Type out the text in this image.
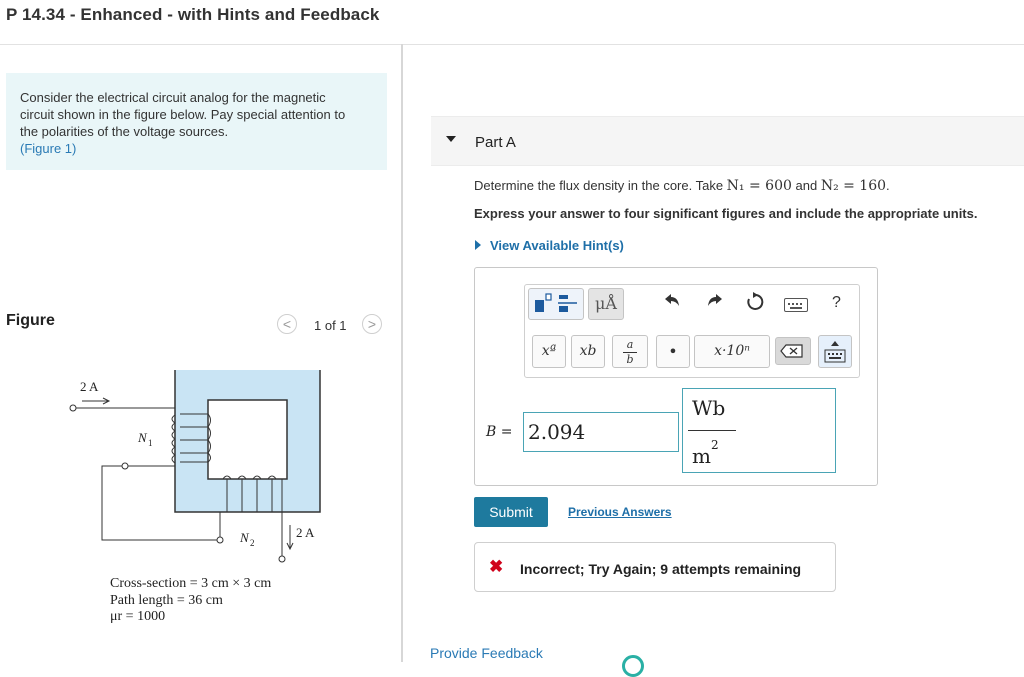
P 14.34 - Enhanced - with Hints and Feedback
Consider the electrical circuit analog for the magnetic
circuit shown in the figure below. Pay special attention to
the polarities of the voltage sources.
(Figure 1)
Figure	<	1 of 1	>
2 A
N 1
N 2
2 A
Cross-section = 3 cm × 3 cm
Path length = 36 cm
μr = 1000
Part A
Determine the flux density in the core. Take N₁ = 600 and N₂ = 160.
Express your answer to four significant figures and include the appropriate units.
View Available Hint(s)
μÅ	?
xª	xb	a
b	•	x·10ⁿ
B = 2.094
Wb
m 2
Submit	Previous Answers
✖ Incorrect; Try Again; 9 attempts remaining
Provide Feedback
